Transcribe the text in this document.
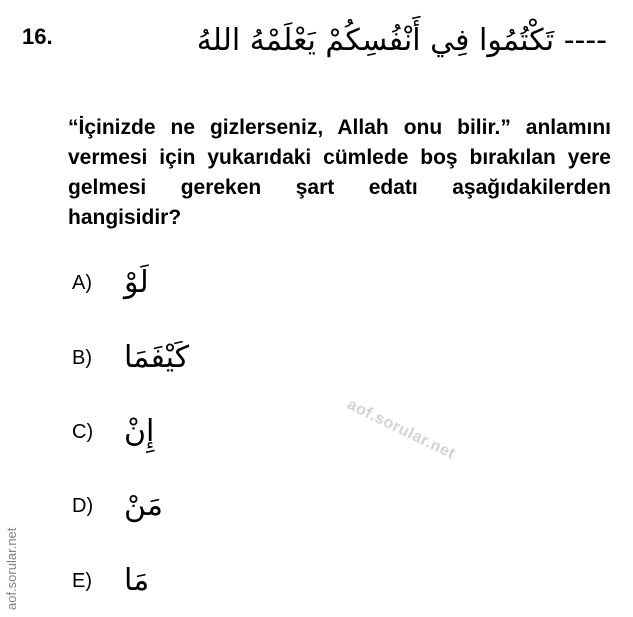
16.	---- تَكْتُمُوا فِي أَنْفُسِكُمْ يَعْلَمْهُ اللهُ

“İçinizde ne gizlerseniz, Allah onu bilir.” anlamını vermesi için yukarıdaki cümlede boş bırakılan yere gelmesi gereken şart edatı aşağıdakilerden hangisidir?

A)	لَوْ
B)	كَيْفَمَا
C)	إِنْ
D)	مَنْ
E)	مَا
aof.sorular.net
aof.sorular.net
